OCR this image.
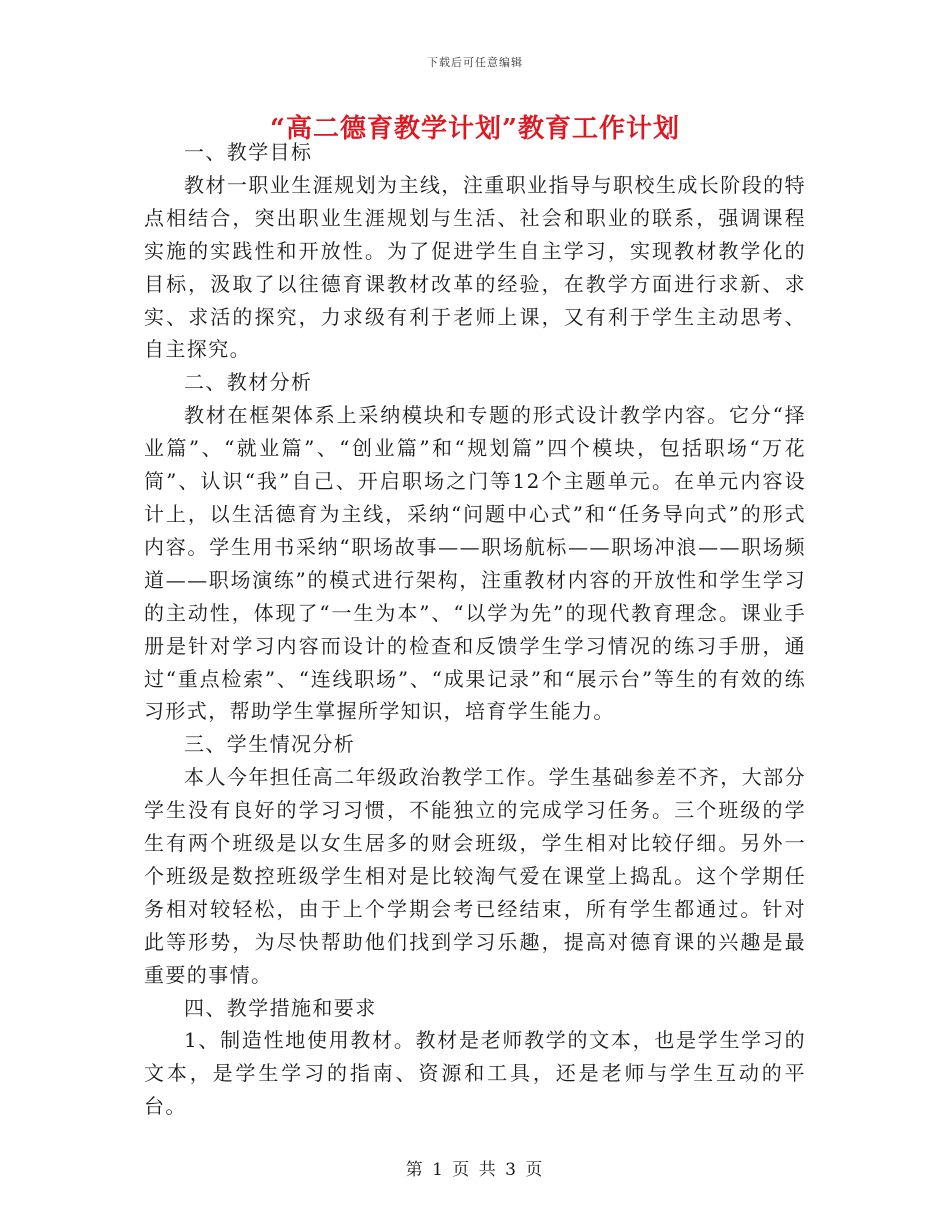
下载后可任意编辑
“高二德育教学计划”教育工作计划

一、教学目标

教材一职业生涯规划为主线，注重职业指导与职校生成长阶段的特点相结合，突出职业生涯规划与生活、社会和职业的联系，强调课程实施的实践性和开放性。为了促进学生自主学习，实现教材教学化的目标，汲取了以往德育课教材改革的经验，在教学方面进行求新、求实、求活的探究，力求级有利于老师上课，又有利于学生主动思考、自主探究。

二、教材分析

教材在框架体系上采纳模块和专题的形式设计教学内容。它分“择业篇”、“就业篇”、“创业篇”和“规划篇”四个模块，包括职场“万花筒”、认识“我”自己、开启职场之门等12个主题单元。在单元内容设计上，以生活德育为主线，采纳“问题中心式”和“任务导向式”的形式内容。学生用书采纳“职场故事——职场航标——职场冲浪——职场频道——职场演练”的模式进行架构，注重教材内容的开放性和学生学习的主动性，体现了“一生为本”、“以学为先”的现代教育理念。课业手册是针对学习内容而设计的检查和反馈学生学习情况的练习手册，通过“重点检索”、“连线职场”、“成果记录”和“展示台”等生的有效的练习形式，帮助学生掌握所学知识，培育学生能力。

三、学生情况分析

本人今年担任高二年级政治教学工作。学生基础参差不齐，大部分学生没有良好的学习习惯，不能独立的完成学习任务。三个班级的学生有两个班级是以女生居多的财会班级，学生相对比较仔细。另外一个班级是数控班级学生相对是比较淘气爱在课堂上捣乱。这个学期任务相对较轻松，由于上个学期会考已经结束，所有学生都通过。针对此等形势，为尽快帮助他们找到学习乐趣，提高对德育课的兴趣是最重要的事情。

四、教学措施和要求

1、制造性地使用教材。教材是老师教学的文本，也是学生学习的文本，是学生学习的指南、资源和工具，还是老师与学生互动的平台。

第 1 页 共 3 页
